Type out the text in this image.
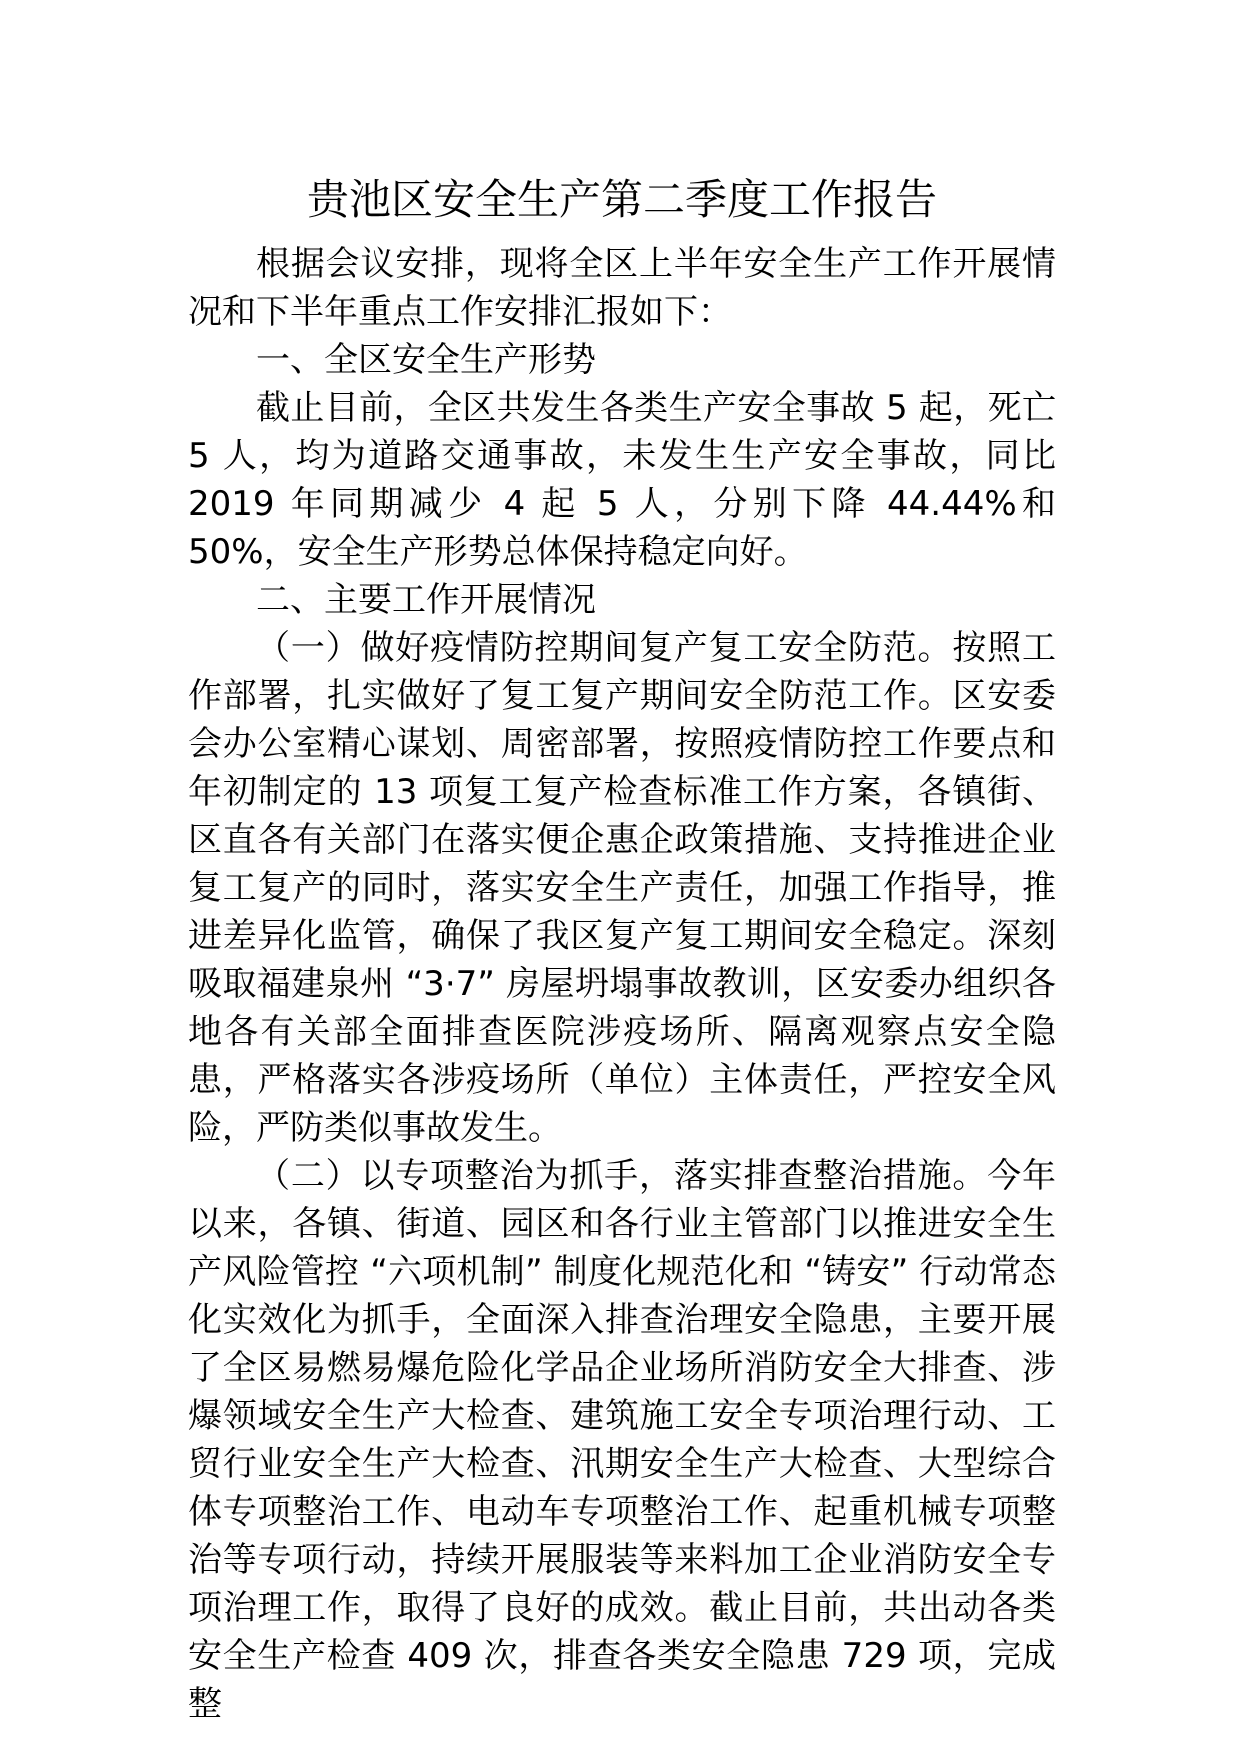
贵池区安全生产第二季度工作报告

根据会议安排，现将全区上半年安全生产工作开展情况和下半年重点工作安排汇报如下：

一、全区安全生产形势

截止目前，全区共发生各类生产安全事故 5 起，死亡 5 人，均为道路交通事故，未发生生产安全事故，同比 2019 年同期减少 4 起 5 人，分别下降 44.44%和 50%，安全生产形势总体保持稳定向好。

二、主要工作开展情况

（一）做好疫情防控期间复产复工安全防范。按照工作部署，扎实做好了复工复产期间安全防范工作。区安委会办公室精心谋划、周密部署，按照疫情防控工作要点和年初制定的 13 项复工复产检查标准工作方案，各镇街、区直各有关部门在落实便企惠企政策措施、支持推进企业复工复产的同时，落实安全生产责任，加强工作指导，推进差异化监管，确保了我区复产复工期间安全稳定。深刻吸取福建泉州 “3·7” 房屋坍塌事故教训，区安委办组织各地各有关部全面排查医院涉疫场所、隔离观察点安全隐患，严格落实各涉疫场所（单位）主体责任，严控安全风险，严防类似事故发生。

（二）以专项整治为抓手，落实排查整治措施。今年以来，各镇、街道、园区和各行业主管部门以推进安全生产风险管控 “六项机制” 制度化规范化和 “铸安” 行动常态化实效化为抓手，全面深入排查治理安全隐患，主要开展了全区易燃易爆危险化学品企业场所消防安全大排查、涉爆领域安全生产大检查、建筑施工安全专项治理行动、工贸行业安全生产大检查、汛期安全生产大检查、大型综合体专项整治工作、电动车专项整治工作、起重机械专项整治等专项行动，持续开展服装等来料加工企业消防安全专项治理工作，取得了良好的成效。截止目前，共出动各类安全生产检查 409 次，排查各类安全隐患 729 项，完成整
